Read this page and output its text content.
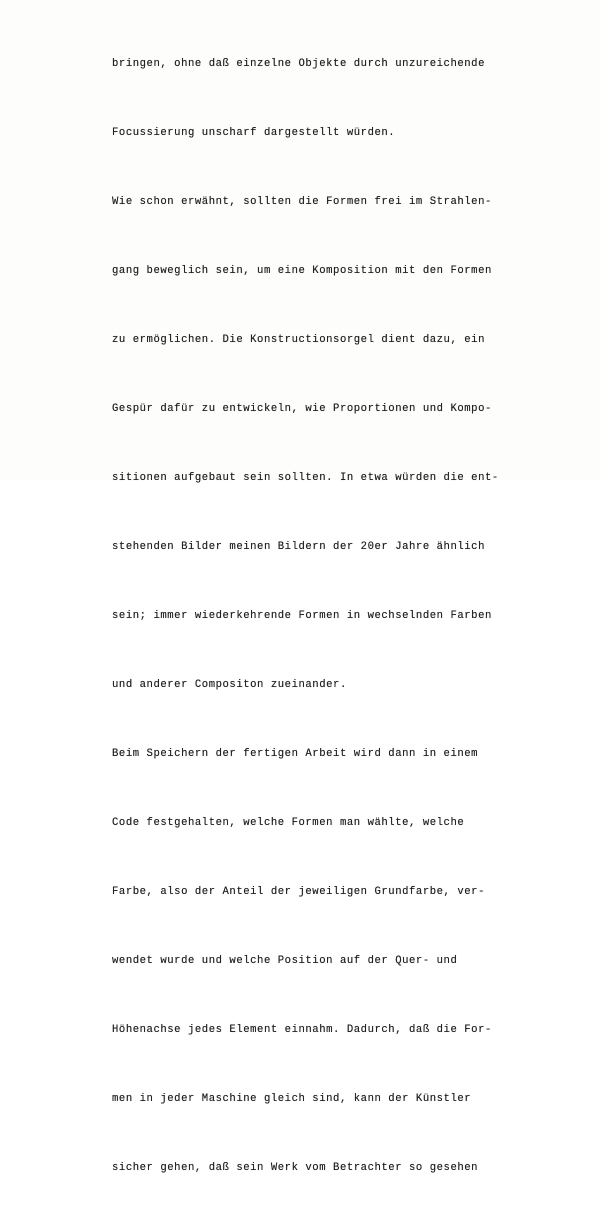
bringen, ohne daß einzelne Objekte durch unzureichende

Focussierung unscharf dargestellt würden.

Wie schon erwähnt, sollten die Formen frei im Strahlen-

gang beweglich sein, um eine Komposition mit den Formen

zu ermöglichen. Die Konstructionsorgel dient dazu, ein

Gespür dafür zu entwickeln, wie Proportionen und Kompo-

sitionen aufgebaut sein sollten. In etwa würden die ent-

stehenden Bilder meinen Bildern der 20er Jahre ähnlich

sein; immer wiederkehrende Formen in wechselnden Farben

und anderer Compositon zueinander.

Beim Speichern der fertigen Arbeit wird dann in einem

Code festgehalten, welche Formen man wählte, welche

Farbe, also der Anteil der jeweiligen Grundfarbe, ver-

wendet wurde und welche Position auf der Quer- und

Höhenachse jedes Element einnahm. Dadurch, daß die For-

men in jeder Maschine gleich sind, kann der Künstler

sicher gehen, daß sein Werk vom Betrachter so gesehen
